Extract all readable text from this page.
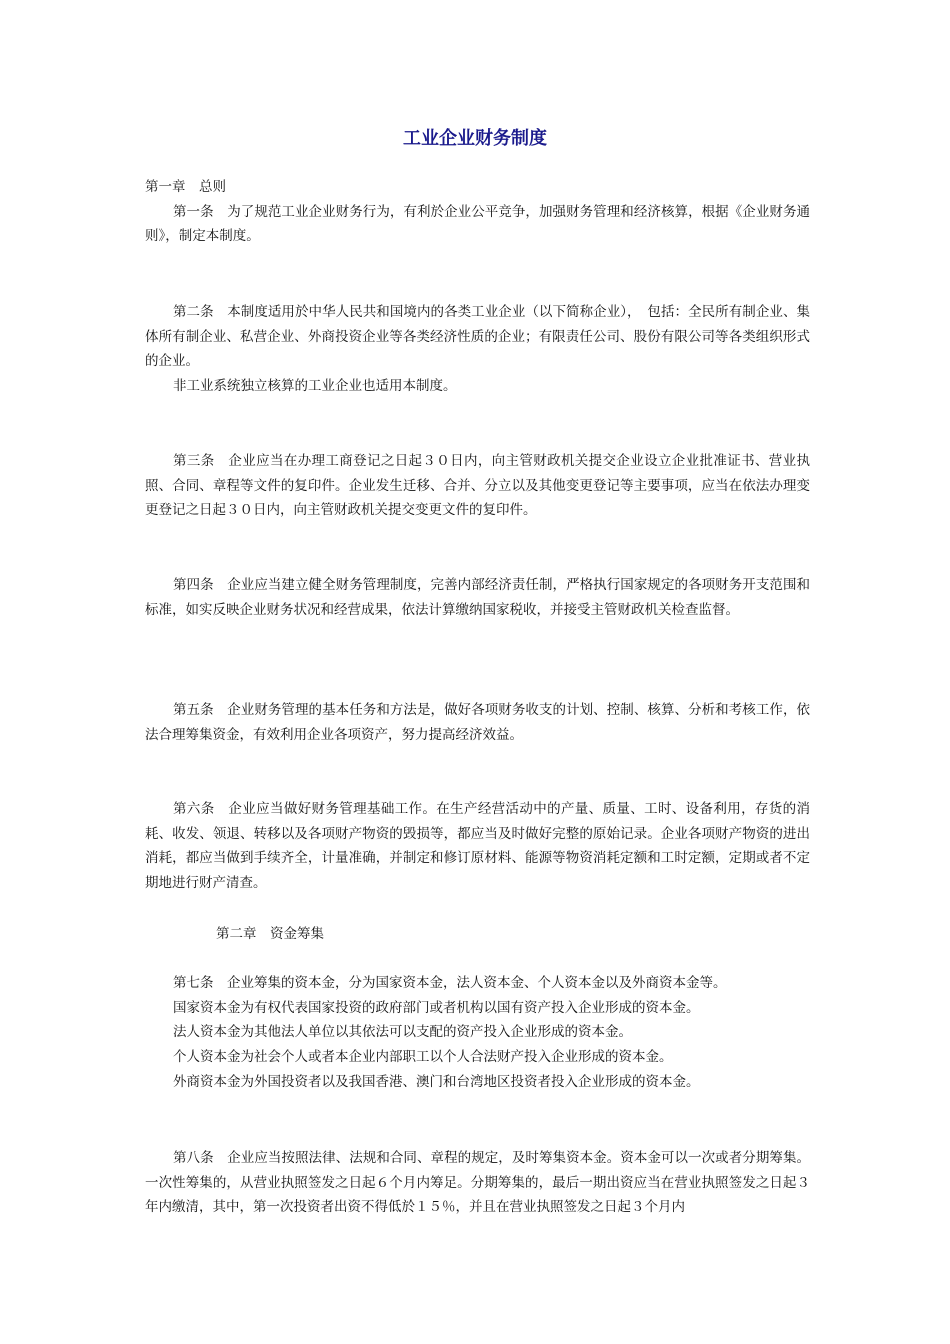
工业企业财务制度

第一章　总则

第一条　为了规范工业企业财务行为，有利於企业公平竞争，加强财务管理和经济核算，根据《企业财务通则》，制定本制度。

第二条　本制度适用於中华人民共和国境内的各类工业企业（以下简称企业），　包括：全民所有制企业、集体所有制企业、私营企业、外商投资企业等各类经济性质的企业；有限责任公司、股份有限公司等各类组织形式的企业。

非工业系统独立核算的工业企业也适用本制度。

第三条　企业应当在办理工商登记之日起３０日内，向主管财政机关提交企业设立企业批准证书、营业执照、合同、章程等文件的复印件。企业发生迁移、合并、分立以及其他变更登记等主要事项，应当在依法办理变更登记之日起３０日内，向主管财政机关提交变更文件的复印件。

第四条　企业应当建立健全财务管理制度，完善内部经济责任制，严格执行国家规定的各项财务开支范围和标准，如实反映企业财务状况和经营成果，依法计算缴纳国家税收，并接受主管财政机关检查监督。

第五条　企业财务管理的基本任务和方法是，做好各项财务收支的计划、控制、核算、分析和考核工作，依法合理筹集资金，有效利用企业各项资产，努力提高经济效益。

第六条　企业应当做好财务管理基础工作。在生产经营活动中的产量、质量、工时、设备利用，存货的消耗、收发、领退、转移以及各项财产物资的毁损等，都应当及时做好完整的原始记录。企业各项财产物资的进出消耗，都应当做到手续齐全，计量准确，并制定和修订原材料、能源等物资消耗定额和工时定额，定期或者不定期地进行财产清查。

第二章　资金筹集

第七条　企业筹集的资本金，分为国家资本金，法人资本金、个人资本金以及外商资本金等。

国家资本金为有权代表国家投资的政府部门或者机构以国有资产投入企业形成的资本金。

法人资本金为其他法人单位以其依法可以支配的资产投入企业形成的资本金。

个人资本金为社会个人或者本企业内部职工以个人合法财产投入企业形成的资本金。

外商资本金为外国投资者以及我国香港、澳门和台湾地区投资者投入企业形成的资本金。

第八条　企业应当按照法律、法规和合同、章程的规定，及时筹集资本金。资本金可以一次或者分期筹集。一次性筹集的，从营业执照签发之日起６个月内筹足。分期筹集的，最后一期出资应当在营业执照签发之日起３年内缴清，其中，第一次投资者出资不得低於１５％，并且在营业执照签发之日起３个月内
